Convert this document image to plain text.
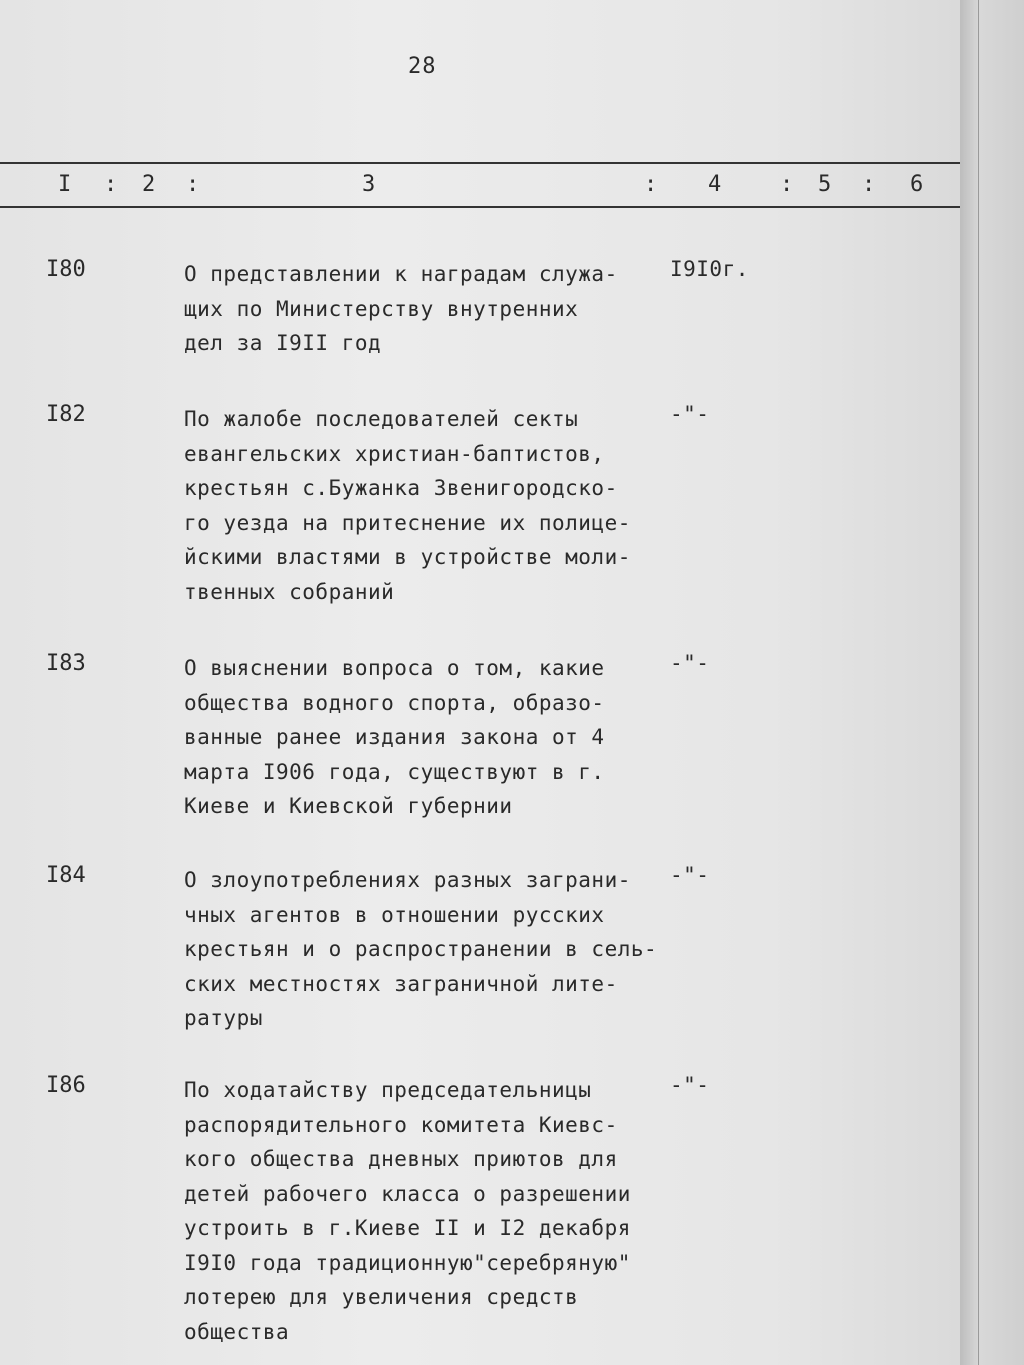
28
I : 2 :	3	: 4	: 5 : 6
I80	О представлении к наградам служа-
щих по Министерству внутренних
дел за I9II год
I9I0г.
I82	По жалобе последователей секты
евангельских христиан-баптистов,
крестьян с.Бужанка Звенигородско-
го уезда на притеснение их полице-
йскими властями в устройстве моли-
твенных собраний
-"-
I83	О выяснении вопроса о том, какие
общества водного спорта, образо-
ванные ранее издания закона от 4
марта I906 года, существуют в г.
Киеве и Киевской губернии
-"-
I84	О злоупотреблениях разных заграни-
чных агентов в отношении русских
крестьян и о распространении в сель-
ских местностях заграничной лите-
ратуры
-"-
I86	По ходатайству председательницы
распорядительного комитета Киевс-
кого общества дневных приютов для
детей рабочего класса о разрешении
устроить в г.Киеве II и I2 декабря
I9I0 года традиционную"серебряную"
лотерею для увеличения средств
общества
-"-
